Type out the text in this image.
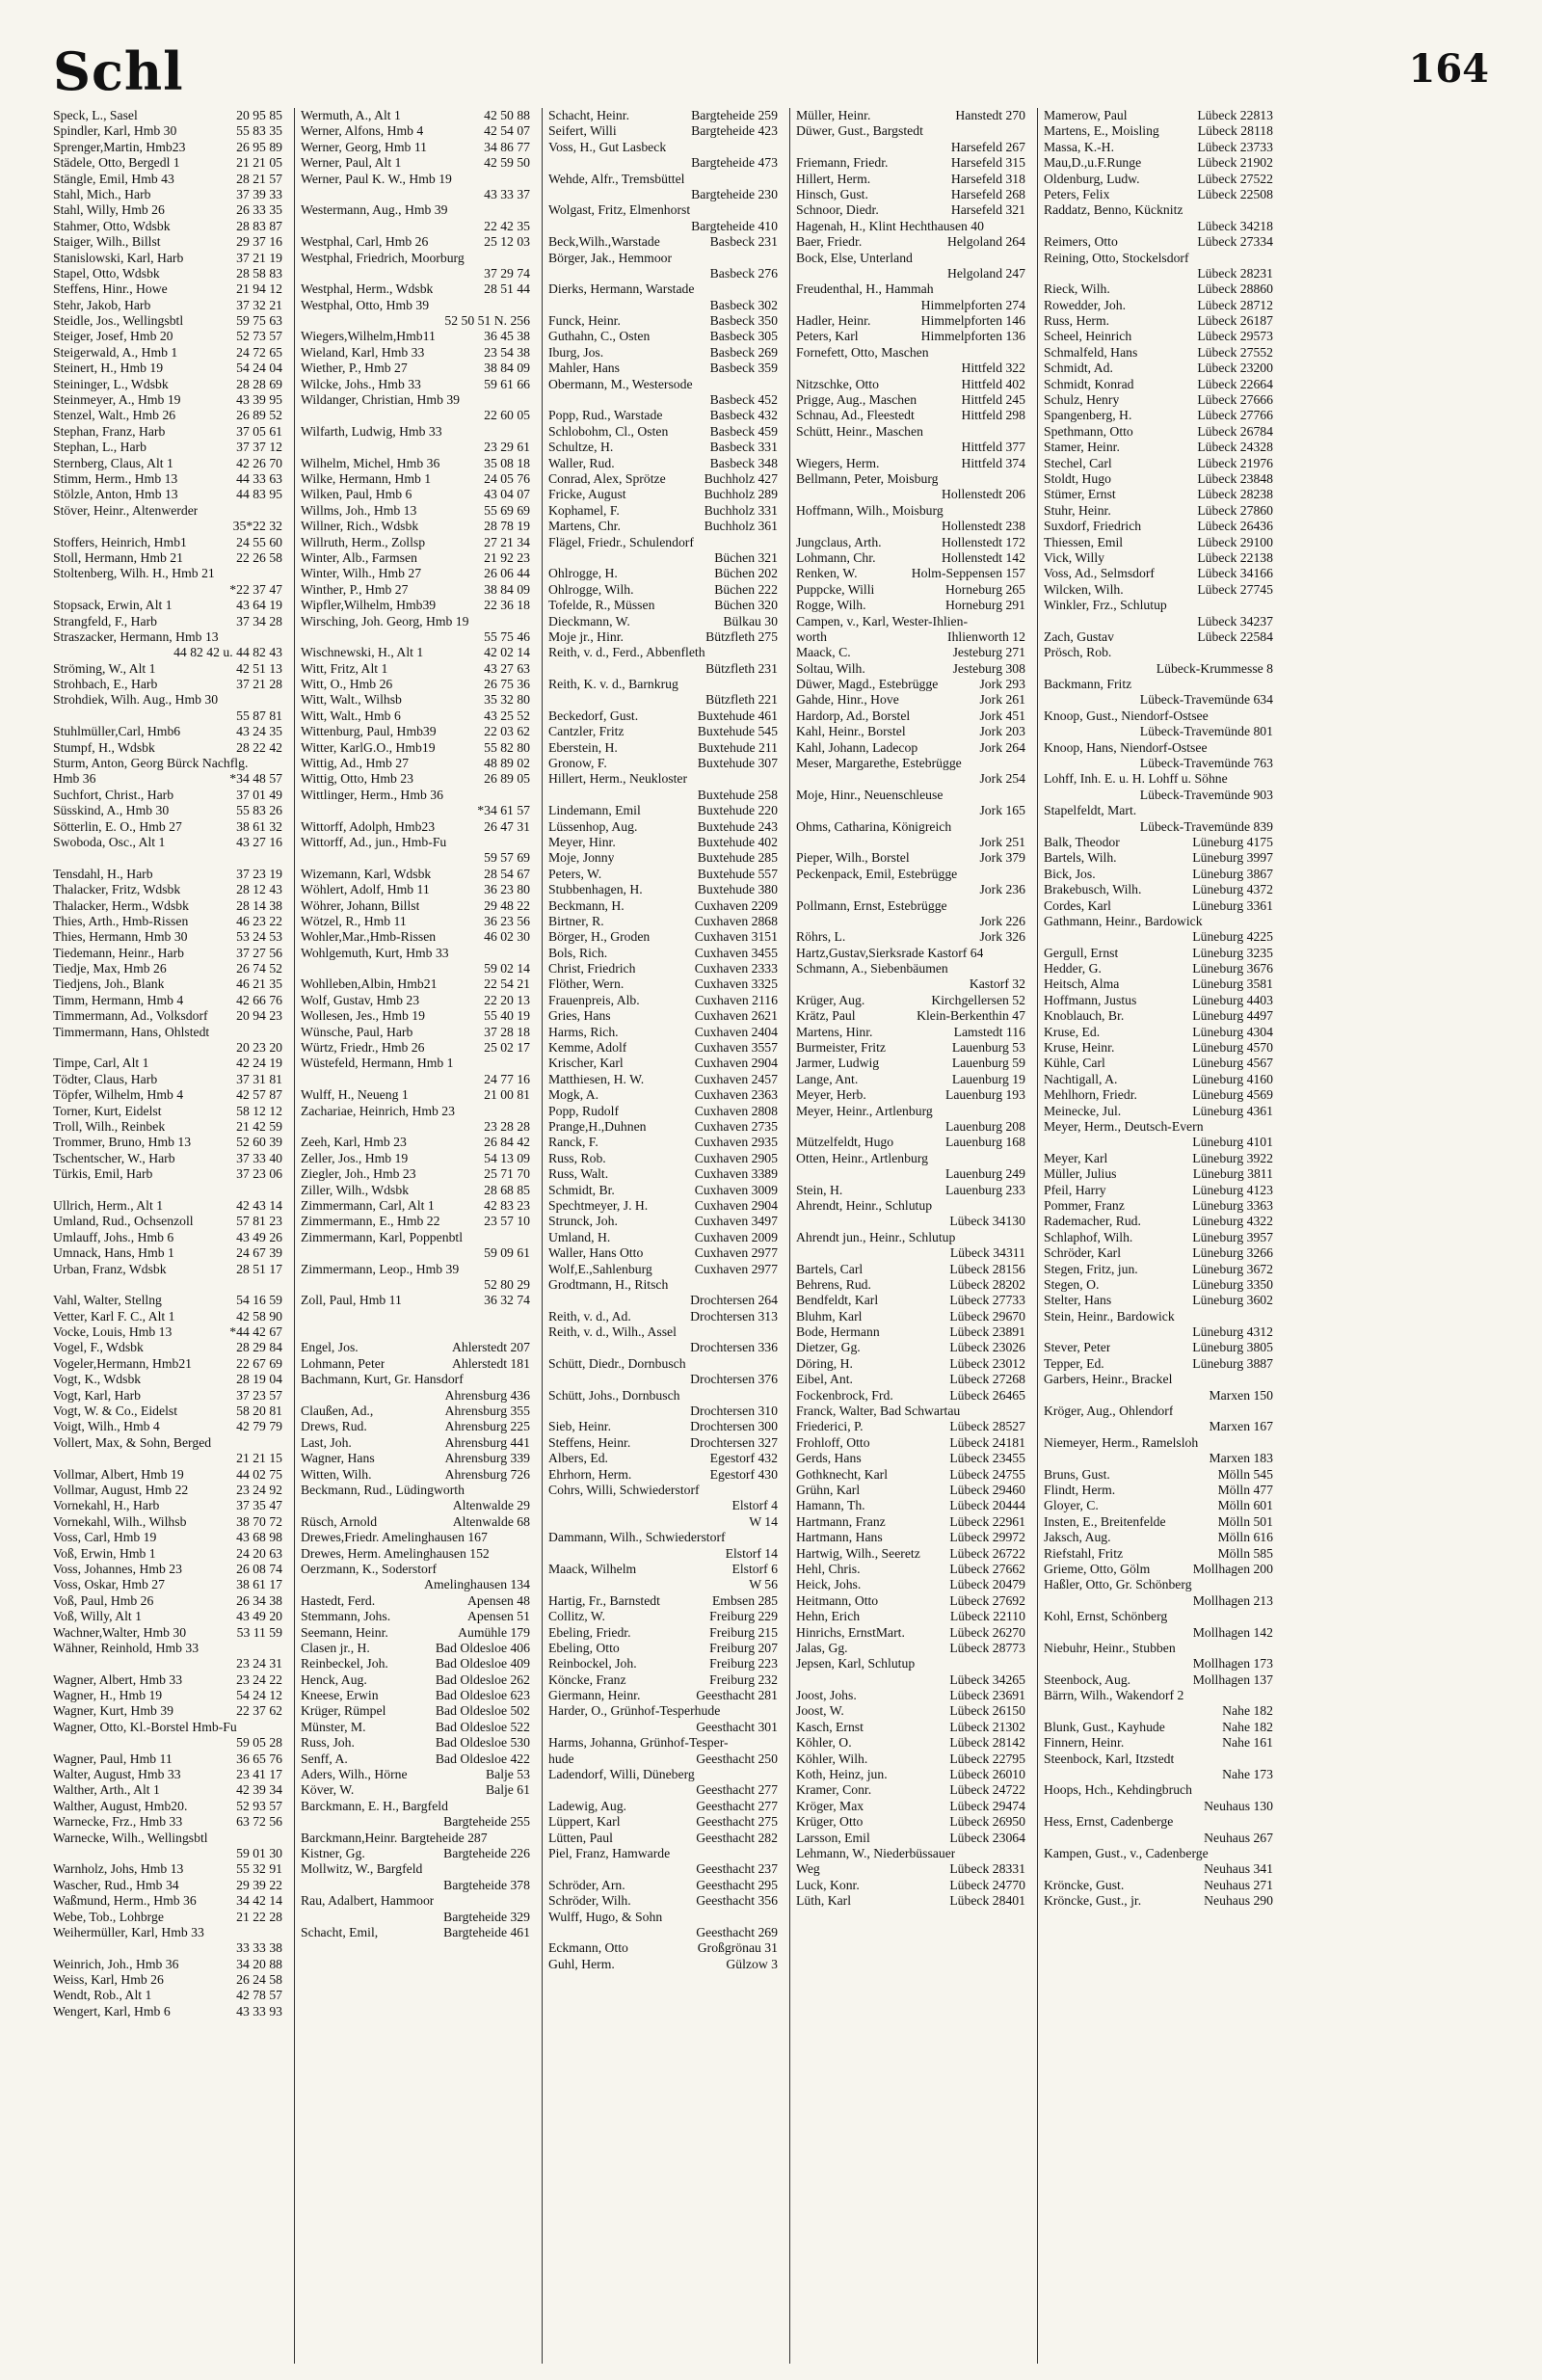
Schl	164
Speck, L., Sasel	20 95 85
Spindler, Karl, Hmb 30	55 83 35
Sprenger,Martin, Hmb23	26 95 89
Städele, Otto, Bergedl 1	21 21 05
Stängle, Emil, Hmb 43	28 21 57
Stahl, Mich., Harb	37 39 33
Stahl, Willy, Hmb 26	26 33 35
Stahmer, Otto, Wdsbk	28 83 87
Staiger, Wilh., Billst	29 37 16
Stanislowski, Karl, Harb	37 21 19
Stapel, Otto, Wdsbk	28 58 83
Steffens, Hinr., Howe	21 94 12
Stehr, Jakob, Harb	37 32 21
Steidle, Jos., Wellingsbtl	59 75 63
Steiger, Josef, Hmb 20	52 73 57
Steigerwald, A., Hmb 1	24 72 65
Steinert, H., Hmb 19	54 24 04
Steininger, L., Wdsbk	28 28 69
Steinmeyer, A., Hmb 19	43 39 95
Stenzel, Walt., Hmb 26	26 89 52
Stephan, Franz, Harb	37 05 61
Stephan, L., Harb	37 37 12
Sternberg, Claus, Alt 1	42 26 70
Stimm, Herm., Hmb 13	44 33 63
Stölzle, Anton, Hmb 13	44 83 95
Stöver, Heinr., Altenwerder
35*22 32
Stoffers, Heinrich, Hmb1	24 55 60
Stoll, Hermann, Hmb 21	22 26 58
Stoltenberg, Wilh. H., Hmb 21
*22 37 47
Stopsack, Erwin, Alt 1	43 64 19
Strangfeld, F., Harb	37 34 28
Straszacker, Hermann, Hmb 13
44 82 42 u. 44 82 43
Ströming, W., Alt 1	42 51 13
Strohbach, E., Harb	37 21 28
Strohdiek, Wilh. Aug., Hmb 30
55 87 81
Stuhlmüller,Carl, Hmb6	43 24 35
Stumpf, H., Wdsbk	28 22 42
Sturm, Anton, Georg Bürck Nachflg.
Hmb 36	*34 48 57
Suchfort, Christ., Harb	37 01 49
Süsskind, A., Hmb 30	55 83 26
Sötterlin, E. O., Hmb 27	38 61 32
Swoboda, Osc., Alt 1	43 27 16
Tensdahl, H., Harb	37 23 19
Thalacker, Fritz, Wdsbk	28 12 43
Thalacker, Herm., Wdsbk	28 14 38
Thies, Arth., Hmb-Rissen	46 23 22
Thies, Hermann, Hmb 30	53 24 53
Tiedemann, Heinr., Harb	37 27 56
Tiedje, Max, Hmb 26	26 74 52
Tiedjens, Joh., Blank	46 21 35
Timm, Hermann, Hmb 4	42 66 76
Timmermann, Ad., Volksdorf 20 94 23
Timmermann, Hans, Ohlstedt
20 23 20
Timpe, Carl, Alt 1	42 24 19
Tödter, Claus, Harb	37 31 81
Töpfer, Wilhelm, Hmb 4	42 57 87
Torner, Kurt, Eidelst	58 12 12
Troll, Wilh., Reinbek	21 42 59
Trommer, Bruno, Hmb 13	52 60 39
Tschentscher, W., Harb	37 33 40
Türkis, Emil, Harb	37 23 06
Ullrich, Herm., Alt 1	42 43 14
Umland, Rud., Ochsenzoll	57 81 23
Umlauff, Johs., Hmb 6	43 49 26
Umnack, Hans, Hmb 1	24 67 39
Urban, Franz, Wdsbk	28 51 17
Vahl, Walter, Stellng	54 16 59
Vetter, Karl F. C., Alt 1	42 58 90
Vocke, Louis, Hmb 13	*44 42 67
Vogel, F., Wdsbk	28 29 84
Vogeler,Hermann, Hmb21	22 67 69
Vogt, K., Wdsbk	28 19 04
Vogt, Karl, Harb	37 23 57
Vogt, W. & Co., Eidelst	58 20 81
Voigt, Wilh., Hmb 4	42 79 79
Vollert, Max, & Sohn, Berged
21 21 15
Vollmar, Albert, Hmb 19	44 02 75
Vollmar, August, Hmb 22	23 24 92
Vornekahl, H., Harb	37 35 47
Vornekahl, Wilh., Wilhsb	38 70 72
Voss, Carl, Hmb 19	43 68 98
Voß, Erwin, Hmb 1	24 20 63
Voss, Johannes, Hmb 23	26 08 74
Voss, Oskar, Hmb 27	38 61 17
Voß, Paul, Hmb 26	26 34 38
Voß, Willy, Alt 1	43 49 20
Wachner,Walter, Hmb 30	53 11 59
Wähner, Reinhold, Hmb 33
23 24 31
Wagner, Albert, Hmb 33	23 24 22
Wagner, H., Hmb 19	54 24 12
Wagner, Kurt, Hmb 39	22 37 62
Wagner, Otto, Kl.-Borstel Hmb-Fu
59 05 28
Wagner, Paul, Hmb 11	36 65 76
Walter, August, Hmb 33	23 41 17
Walther, Arth., Alt 1	42 39 34
Walther, August, Hmb20.	52 93 57
Warnecke, Frz., Hmb 33	63 72 56
Warnecke, Wilh., Wellingsbtl
59 01 30
Warnholz, Johs, Hmb 13	55 32 91
Wascher, Rud., Hmb 34	29 39 22
Waßmund, Herm., Hmb 36	34 42 14
Webe, Tob., Lohbrge	21 22 28
Weihermüller, Karl, Hmb 33
33 33 38
Weinrich, Joh., Hmb 36	34 20 88
Weiss, Karl, Hmb 26	26 24 58
Wendt, Rob., Alt 1	42 78 57
Wengert, Karl, Hmb 6	43 33 93
Wermuth, A., Alt 1	42 50 88
Werner, Alfons, Hmb 4	42 54 07
Werner, Georg, Hmb 11	34 86 77
Werner, Paul, Alt 1	42 59 50
Werner, Paul K. W., Hmb 19
43 33 37
Westermann, Aug., Hmb 39
22 42 35
Westphal, Carl, Hmb 26	25 12 03
Westphal, Friedrich, Moorburg
37 29 74
Westphal, Herm., Wdsbk	28 51 44
Westphal, Otto, Hmb 39
52 50 51 N. 256
Wiegers,Wilhelm,Hmb11	36 45 38
Wieland, Karl, Hmb 33	23 54 38
Wiether, P., Hmb 27	38 84 09
Wilcke, Johs., Hmb 33	59 61 66
Wildanger, Christian, Hmb 39
22 60 05
Wilfarth, Ludwig, Hmb 33
23 29 61
Wilhelm, Michel, Hmb 36	35 08 18
Wilke, Hermann, Hmb 1	24 05 76
Wilken, Paul, Hmb 6	43 04 07
Willms, Joh., Hmb 13	55 69 69
Willner, Rich., Wdsbk	28 78 19
Willruth, Herm., Zollsp	27 21 34
Winter, Alb., Farmsen	21 92 23
Winter, Wilh., Hmb 27	26 06 44
Winther, P., Hmb 27	38 84 09
Wipfler,Wilhelm, Hmb39	22 36 18
Wirsching, Joh. Georg, Hmb 19
55 75 46
Wischnewski, H., Alt 1	42 02 14
Witt, Fritz, Alt 1	43 27 63
Witt, O., Hmb 26	26 75 36
Witt, Walt., Wilhsb	35 32 80
Witt, Walt., Hmb 6	43 25 52
Wittenburg, Paul, Hmb39	22 03 62
Witter, KarlG.O., Hmb19	55 82 80
Wittig, Ad., Hmb 27	48 89 02
Wittig, Otto, Hmb 23	26 89 05
Wittlinger, Herm., Hmb 36
*34 61 57
Wittorff, Adolph, Hmb23	26 47 31
Wittorff, Ad., jun., Hmb-Fu
59 57 69
Wizemann, Karl, Wdsbk	28 54 67
Wöhlert, Adolf, Hmb 11	36 23 80
Wöhrer, Johann, Billst	29 48 22
Wötzel, R., Hmb 11	36 23 56
Wohler,Mar.,Hmb-Rissen	46 02 30
Wohlgemuth, Kurt, Hmb 33
59 02 14
Wohlleben,Albin, Hmb21	22 54 21
Wolf, Gustav, Hmb 23	22 20 13
Wollesen, Jes., Hmb 19	55 40 19
Wünsche, Paul, Harb	37 28 18
Würtz, Friedr., Hmb 26	25 02 17
Wüstefeld, Hermann, Hmb 1
24 77 16
Wulff, H., Neueng 1	21 00 81
Zachariae, Heinrich, Hmb 23
23 28 28
Zeeh, Karl, Hmb 23	26 84 42
Zeller, Jos., Hmb 19	54 13 09
Ziegler, Joh., Hmb 23	25 71 70
Ziller, Wilh., Wdsbk	28 68 85
Zimmermann, Carl, Alt 1	42 83 23
Zimmermann, E., Hmb 22	23 57 10
Zimmermann, Karl, Poppenbtl
59 09 61
Zimmermann, Leop., Hmb 39
52 80 29
Zoll, Paul, Hmb 11	36 32 74
Engel, Jos.	Ahlerstedt 207
Lohmann, Peter	Ahlerstedt 181
Bachmann, Kurt, Gr. Hansdorf
Ahrensburg 436
Claußen, Ad.,	Ahrensburg 355
Drews, Rud.	Ahrensburg 225
Last, Joh.	Ahrensburg 441
Wagner, Hans	Ahrensburg 339
Witten, Wilh.	Ahrensburg 726
Beckmann, Rud., Lüdingworth
Altenwalde 29
Rüsch, Arnold	Altenwalde 68
Drewes,Friedr. Amelinghausen 167
Drewes, Herm. Amelinghausen 152
Oerzmann, K., Soderstorf
Amelinghausen 134
Hastedt, Ferd.	Apensen 48
Stemmann, Johs.	Apensen 51
Seemann, Heinr.	Aumühle 179
Clasen jr., H.	Bad Oldesloe 406
Reinbeckel, Joh.	Bad Oldesloe 409
Henck, Aug.	Bad Oldesloe 262
Kneese, Erwin	Bad Oldesloe 623
Krüger, Rümpel	Bad Oldesloe 502
Münster, M.	Bad Oldesloe 522
Russ, Joh.	Bad Oldesloe 530
Senff, A.	Bad Oldesloe 422
Aders, Wilh., Hörne	Balje 53
Köver, W.	Balje 61
Barckmann, E. H., Bargfeld
Bargteheide 255
Barckmann,Heinr. Bargteheide 287
Kistner, Gg.	Bargteheide 226
Mollwitz, W., Bargfeld
Bargteheide 378
Rau, Adalbert, Hammoor
Bargteheide 329
Schacht, Emil,	Bargteheide 461
Schacht, Heinr.	Bargteheide 259
Seifert, Willi	Bargteheide 423
Voss, H., Gut Lasbeck
Bargteheide 473
Wehde, Alfr., Tremsbüttel
Bargteheide 230
Wolgast, Fritz, Elmenhorst
Bargteheide 410
Beck,Wilh.,Warstade	Basbeck 231
Börger, Jak., Hemmoor
Basbeck 276
Dierks, Hermann, Warstade
Basbeck 302
Funck, Heinr.	Basbeck 350
Guthahn, C., Osten	Basbeck 305
Iburg, Jos.	Basbeck 269
Mahler, Hans	Basbeck 359
Obermann, M., Westersode
Basbeck 452
Popp, Rud., Warstade	Basbeck 432
Schlobohm, Cl., Osten	Basbeck 459
Schultze, H.	Basbeck 331
Waller, Rud.	Basbeck 348
Conrad, Alex, Sprötze	Buchholz 427
Fricke, August	Buchholz 289
Kophamel, F.	Buchholz 331
Martens, Chr.	Buchholz 361
Flägel, Friedr., Schulendorf
Büchen 321
Ohlrogge, H.	Büchen 202
Ohlrogge, Wilh.	Büchen 222
Tofelde, R., Müssen	Büchen 320
Dieckmann, W.	Bülkau 30
Moje jr., Hinr.	Bützfleth 275
Reith, v. d., Ferd., Abbenfleth
Bützfleth 231
Reith, K. v. d., Barnkrug
Bützfleth 221
Beckedorf, Gust.	Buxtehude 461
Cantzler, Fritz	Buxtehude 545
Eberstein, H.	Buxtehude 211
Gronow, F.	Buxtehude 307
Hillert, Herm., Neukloster
Buxtehude 258
Lindemann, Emil	Buxtehude 220
Lüssenhop, Aug.	Buxtehude 243
Meyer, Hinr.	Buxtehude 402
Moje, Jonny	Buxtehude 285
Peters, W.	Buxtehude 557
Stubbenhagen, H.	Buxtehude 380
Beckmann, H.	Cuxhaven 2209
Birtner, R.	Cuxhaven 2868
Börger, H., Groden	Cuxhaven 3151
Bols, Rich.	Cuxhaven 3455
Christ, Friedrich	Cuxhaven 2333
Flöther, Wern.	Cuxhaven 3325
Frauenpreis, Alb.	Cuxhaven 2116
Gries, Hans	Cuxhaven 2621
Harms, Rich.	Cuxhaven 2404
Kemme, Adolf	Cuxhaven 3557
Krischer, Karl	Cuxhaven 2904
Matthiesen, H. W.	Cuxhaven 2457
Mogk, A.	Cuxhaven 2363
Popp, Rudolf	Cuxhaven 2808
Prange,H.,Duhnen	Cuxhaven 2735
Ranck, F.	Cuxhaven 2935
Russ, Rob.	Cuxhaven 2905
Russ, Walt.	Cuxhaven 3389
Schmidt, Br.	Cuxhaven 3009
Spechtmeyer, J. H.	Cuxhaven 2904
Strunck, Joh.	Cuxhaven 3497
Umland, H.	Cuxhaven 2009
Waller, Hans Otto	Cuxhaven 2977
Wolf,E.,Sahlenburg	Cuxhaven 2977
Grodtmann, H., Ritsch
Drochtersen 264
Reith, v. d., Ad.	Drochtersen 313
Reith, v. d., Wilh., Assel
Drochtersen 336
Schütt, Diedr., Dornbusch
Drochtersen 376
Schütt, Johs., Dornbusch
Drochtersen 310
Sieb, Heinr.	Drochtersen 300
Steffens, Heinr.	Drochtersen 327
Albers, Ed.	Egestorf 432
Ehrhorn, Herm.	Egestorf 430
Cohrs, Willi, Schwiederstorf
Elstorf 4
W 14
Dammann, Wilh., Schwiederstorf
Elstorf 14
Maack, Wilhelm	Elstorf 6
W 56
Hartig, Fr., Barnstedt	Embsen 285
Collitz, W.	Freiburg 229
Ebeling, Friedr.	Freiburg 215
Ebeling, Otto	Freiburg 207
Reinbockel, Joh.	Freiburg 223
Köncke, Franz	Freiburg 232
Giermann, Heinr.	Geesthacht 281
Harder, O., Grünhof-Tesperhude
Geesthacht 301
Harms, Johanna, Grünhof-Tesper-
hude	Geesthacht 250
Ladendorf, Willi, Düneberg
Geesthacht 277
Ladewig, Aug.	Geesthacht 277
Lüppert, Karl	Geesthacht 275
Lütten, Paul	Geesthacht 282
Piel, Franz, Hamwarde
Geesthacht 237
Schröder, Arn.	Geesthacht 295
Schröder, Wilh.	Geesthacht 356
Wulff, Hugo, & Sohn
Geesthacht 269
Eckmann, Otto	Großgrönau 31
Guhl, Herm.	Gülzow 3
Müller, Heinr.	Hanstedt 270
Düwer, Gust., Bargstedt
Harsefeld 267
Friemann, Friedr.	Harsefeld 315
Hillert, Herm.	Harsefeld 318
Hinsch, Gust.	Harsefeld 268
Schnoor, Diedr.	Harsefeld 321
Hagenah, H., Klint Hechthausen 40
Baer, Friedr.	Helgoland 264
Bock, Else, Unterland
Helgoland 247
Freudenthal, H., Hammah
Himmelpforten 274
Hadler, Heinr.	Himmelpforten 146
Peters, Karl	Himmelpforten 136
Fornefett, Otto, Maschen
Hittfeld 322
Nitzschke, Otto	Hittfeld 402
Prigge, Aug., Maschen	Hittfeld 245
Schnau, Ad., Fleestedt	Hittfeld 298
Schütt, Heinr., Maschen
Hittfeld 377
Wiegers, Herm.	Hittfeld 374
Bellmann, Peter, Moisburg
Hollenstedt 206
Hoffmann, Wilh., Moisburg
Hollenstedt 238
Jungclaus, Arth.	Hollenstedt 172
Lohmann, Chr.	Hollenstedt 142
Renken, W.	Holm-Seppensen 157
Puppcke, Willi	Horneburg 265
Rogge, Wilh.	Horneburg 291
Campen, v., Karl, Wester-Ihlien-
worth	Ihlienworth 12
Maack, C.	Jesteburg 271
Soltau, Wilh.	Jesteburg 308
Düwer, Magd., Estebrügge	Jork 293
Gahde, Hinr., Hove	Jork 261
Hardorp, Ad., Borstel	Jork 451
Kahl, Heinr., Borstel	Jork 203
Kahl, Johann, Ladecop	Jork 264
Meser, Margarethe, Estebrügge
Jork 254
Moje, Hinr., Neuenschleuse
Jork 165
Ohms, Catharina, Königreich
Jork 251
Pieper, Wilh., Borstel	Jork 379
Peckenpack, Emil, Estebrügge
Jork 236
Pollmann, Ernst, Estebrügge
Jork 226
Röhrs, L.	Jork 326
Hartz,Gustav,Sierksrade Kastorf 64
Schmann, A., Siebenbäumen
Kastorf 32
Krüger, Aug.	Kirchgellersen 52
Krätz, Paul	Klein-Berkenthin 47
Martens, Hinr.	Lamstedt 116
Burmeister, Fritz	Lauenburg 53
Jarmer, Ludwig	Lauenburg 59
Lange, Ant.	Lauenburg 19
Meyer, Herb.	Lauenburg 193
Meyer, Heinr., Artlenburg
Lauenburg 208
Mützelfeldt, Hugo	Lauenburg 168
Otten, Heinr., Artlenburg
Lauenburg 249
Stein, H.	Lauenburg 233
Ahrendt, Heinr., Schlutup
Lübeck 34130
Ahrendt jun., Heinr., Schlutup
Lübeck 34311
Bartels, Carl	Lübeck 28156
Behrens, Rud.	Lübeck 28202
Bendfeldt, Karl	Lübeck 27733
Bluhm, Karl	Lübeck 29670
Bode, Hermann	Lübeck 23891
Dietzer, Gg.	Lübeck 23026
Döring, H.	Lübeck 23012
Eibel, Ant.	Lübeck 27268
Fockenbrock, Frd.	Lübeck 26465
Franck, Walter, Bad Schwartau
Friederici, P.	Lübeck 28527
Frohloff, Otto	Lübeck 24181
Gerds, Hans	Lübeck 23455
Gothknecht, Karl	Lübeck 24755
Grühn, Karl	Lübeck 29460
Hamann, Th.	Lübeck 20444
Hartmann, Franz	Lübeck 22961
Hartmann, Hans	Lübeck 29972
Hartwig, Wilh., Seeretz Lübeck 26722
Hehl, Chris.	Lübeck 27662
Heick, Johs.	Lübeck 20479
Heitmann, Otto	Lübeck 27692
Hehn, Erich	Lübeck 22110
Hinrichs, ErnstMart.	Lübeck 26270
Jalas, Gg.	Lübeck 28773
Jepsen, Karl, Schlutup
Lübeck 34265
Joost, Johs.	Lübeck 23691
Joost, W.	Lübeck 26150
Kasch, Ernst	Lübeck 21302
Köhler, O.	Lübeck 28142
Köhler, Wilh.	Lübeck 22795
Koth, Heinz, jun.	Lübeck 26010
Kramer, Conr.	Lübeck 24722
Kröger, Max	Lübeck 29474
Krüger, Otto	Lübeck 26950
Larsson, Emil	Lübeck 23064
Lehmann, W., Niederbüssauer
Weg	Lübeck 28331
Luck, Konr.	Lübeck 24770
Lüth, Karl	Lübeck 28401
Mamerow, Paul	Lübeck 22813
Martens, E., Moisling	Lübeck 28118
Massa, K.-H.	Lübeck 23733
Mau,D.,u.F.Runge	Lübeck 21902
Oldenburg, Ludw.	Lübeck 27522
Peters, Felix	Lübeck 22508
Raddatz, Benno, Kücknitz
Lübeck 34218
Reimers, Otto	Lübeck 27334
Reining, Otto, Stockelsdorf
Lübeck 28231
Rieck, Wilh.	Lübeck 28860
Rowedder, Joh.	Lübeck 28712
Russ, Herm.	Lübeck 26187
Scheel, Heinrich	Lübeck 29573
Schmalfeld, Hans	Lübeck 27552
Schmidt, Ad.	Lübeck 23200
Schmidt, Konrad	Lübeck 22664
Schulz, Henry	Lübeck 27666
Spangenberg, H.	Lübeck 27766
Spethmann, Otto	Lübeck 26784
Stamer, Heinr.	Lübeck 24328
Stechel, Carl	Lübeck 21976
Stoldt, Hugo	Lübeck 23848
Stümer, Ernst	Lübeck 28238
Stuhr, Heinr.	Lübeck 27860
Suxdorf, Friedrich	Lübeck 26436
Thiessen, Emil	Lübeck 29100
Vick, Willy	Lübeck 22138
Voss, Ad., Selmsdorf	Lübeck 34166
Wilcken, Wilh.	Lübeck 27745
Winkler, Frz., Schlutup
Lübeck 34237
Zach, Gustav	Lübeck 22584
Prösch, Rob.
Lübeck-Krummesse 8
Backmann, Fritz
Lübeck-Travemünde 634
Knoop, Gust., Niendorf-Ostsee
Lübeck-Travemünde 801
Knoop, Hans, Niendorf-Ostsee
Lübeck-Travemünde 763
Lohff, Inh. E. u. H. Lohff u. Söhne
Lübeck-Travemünde 903
Stapelfeldt, Mart.
Lübeck-Travemünde 839
Balk, Theodor	Lüneburg 4175
Bartels, Wilh.	Lüneburg 3997
Bick, Jos.	Lüneburg 3867
Brakebusch, Wilh.	Lüneburg 4372
Cordes, Karl	Lüneburg 3361
Gathmann, Heinr., Bardowick
Lüneburg 4225
Gergull, Ernst	Lüneburg 3235
Hedder, G.	Lüneburg 3676
Heitsch, Alma	Lüneburg 3581
Hoffmann, Justus	Lüneburg 4403
Knoblauch, Br.	Lüneburg 4497
Kruse, Ed.	Lüneburg 4304
Kruse, Heinr.	Lüneburg 4570
Kühle, Carl	Lüneburg 4567
Nachtigall, A.	Lüneburg 4160
Mehlhorn, Friedr.	Lüneburg 4569
Meinecke, Jul.	Lüneburg 4361
Meyer, Herm., Deutsch-Evern
Lüneburg 4101
Meyer, Karl	Lüneburg 3922
Müller, Julius	Lüneburg 3811
Pfeil, Harry	Lüneburg 4123
Pommer, Franz	Lüneburg 3363
Rademacher, Rud.	Lüneburg 4322
Schlaphof, Wilh.	Lüneburg 3957
Schröder, Karl	Lüneburg 3266
Stegen, Fritz, jun.	Lüneburg 3672
Stegen, O.	Lüneburg 3350
Stelter, Hans	Lüneburg 3602
Stein, Heinr., Bardowick
Lüneburg 4312
Stever, Peter	Lüneburg 3805
Tepper, Ed.	Lüneburg 3887
Garbers, Heinr., Brackel
Marxen 150
Kröger, Aug., Ohlendorf
Marxen 167
Niemeyer, Herm., Ramelsloh
Marxen 183
Bruns, Gust.	Mölln 545
Flindt, Herm.	Mölln 477
Gloyer, C.	Mölln 601
Insten, E., Breitenfelde	Mölln 501
Jaksch, Aug.	Mölln 616
Riefstahl, Fritz	Mölln 585
Grieme, Otto, Gölm	Mollhagen 200
Haßler, Otto, Gr. Schönberg
Mollhagen 213
Kohl, Ernst, Schönberg
Mollhagen 142
Niebuhr, Heinr., Stubben
Mollhagen 173
Steenbock, Aug.	Mollhagen 137
Bärrn, Wilh., Wakendorf 2
Nahe 182
Blunk, Gust., Kayhude	Nahe 182
Finnern, Heinr.	Nahe 161
Steenbock, Karl, Itzstedt
Nahe 173
Hoops, Hch., Kehdingbruch
Neuhaus 130
Hess, Ernst, Cadenberge
Neuhaus 267
Kampen, Gust., v., Cadenberge
Neuhaus 341
Kröncke, Gust.	Neuhaus 271
Kröncke, Gust., jr.	Neuhaus 290
